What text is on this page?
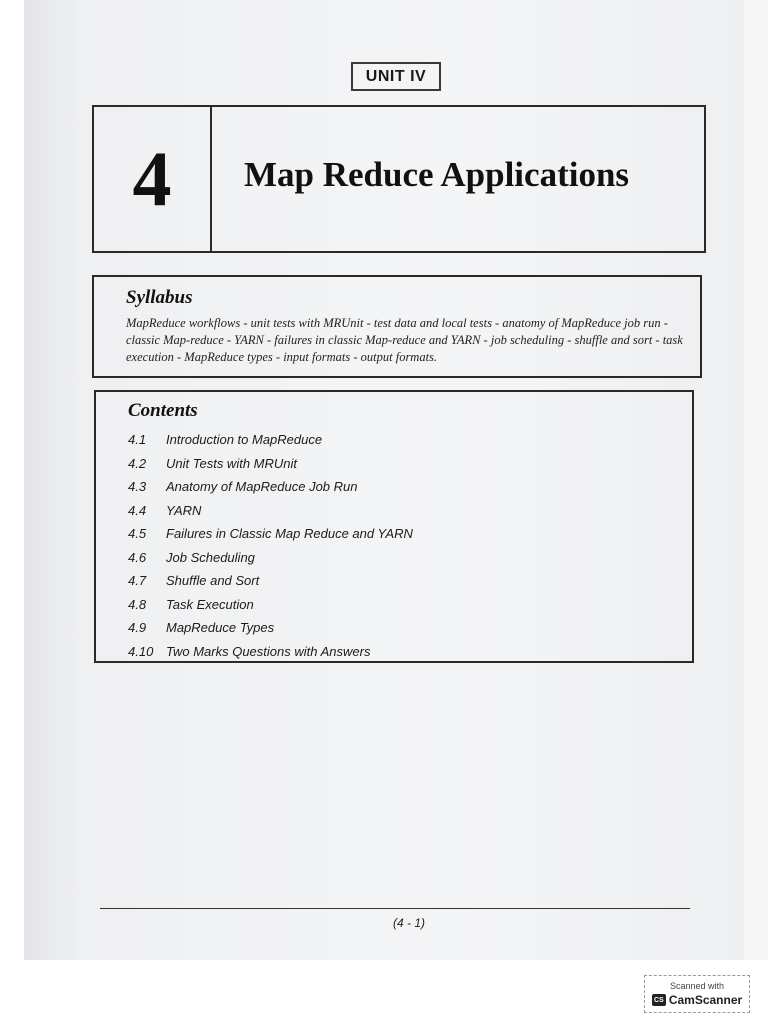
UNIT IV
4	Map Reduce Applications
Syllabus

MapReduce workflows - unit tests with MRUnit - test data and local tests - anatomy of MapReduce job run - classic Map-reduce - YARN - failures in classic Map-reduce and YARN - job scheduling - shuffle and sort - task execution - MapReduce types - input formats - output formats.

Contents
4.1	Introduction to MapReduce
4.2	Unit Tests with MRUnit
4.3	Anatomy of MapReduce Job Run
4.4	YARN
4.5	Failures in Classic Map Reduce and YARN
4.6	Job Scheduling
4.7	Shuffle and Sort
4.8	Task Execution
4.9	MapReduce Types
4.10 Two Marks Questions with Answers
(4 - 1)
Scanned with
CS CamScanner
